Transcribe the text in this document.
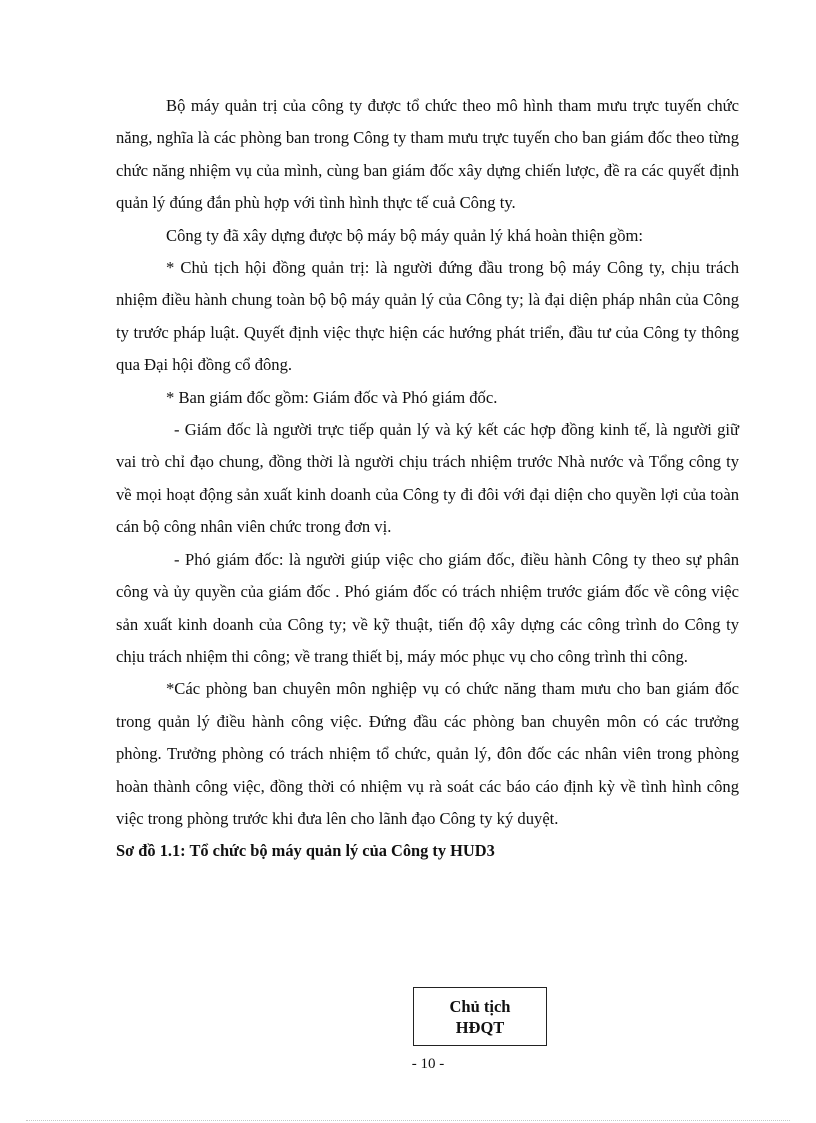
Bộ máy quản trị của công ty được tổ chức theo mô hình tham mưu trực tuyến chức năng, nghĩa là các phòng ban trong Công ty tham mưu trực tuyến cho ban giám đốc theo từng chức năng nhiệm vụ của mình, cùng ban giám đốc xây dựng chiến lược, đề ra các quyết định quản lý đúng đắn phù hợp với tình hình thực tế cuả Công ty.

Công ty đã xây dựng được bộ máy bộ máy quản lý khá hoàn thiện gồm:

* Chủ tịch hội đồng quản trị: là người đứng đầu trong bộ máy Công ty, chịu trách nhiệm điều hành chung toàn bộ bộ máy quản lý của Công ty; là đại diện pháp nhân của Công ty trước pháp luật. Quyết định việc thực hiện các hướng phát triển, đầu tư của Công ty thông qua Đại hội đồng cổ đông.

* Ban giám đốc gồm: Giám đốc và Phó giám đốc.

- Giám đốc là người trực tiếp quản lý và ký kết các hợp đồng kinh tế, là người giữ vai trò chỉ đạo chung, đồng thời là người chịu trách nhiệm trước Nhà nước và Tổng công ty về mọi hoạt động sản xuất kinh doanh của Công ty đi đôi với đại diện cho quyền lợi của toàn cán bộ công nhân viên chức trong đơn vị.

- Phó giám đốc: là người giúp việc cho giám đốc, điều hành Công ty theo sự phân công và ủy quyền của giám đốc . Phó giám đốc có trách nhiệm trước giám đốc về công việc sản xuất kinh doanh của Công ty; về kỹ thuật, tiến độ xây dựng các công trình do Công ty chịu trách nhiệm thi công; về trang thiết bị, máy móc phục vụ cho công trình thi công.

*Các phòng ban chuyên môn nghiệp vụ có chức năng tham mưu cho ban giám đốc trong quản lý điều hành công việc. Đứng đầu các phòng ban chuyên môn có các trưởng phòng. Trưởng phòng có trách nhiệm tổ chức, quản lý, đôn đốc các nhân viên trong phòng hoàn thành công việc, đồng thời có nhiệm vụ rà soát các báo cáo định kỳ về tình hình công việc trong phòng trước khi đưa lên cho lãnh đạo Công ty ký duyệt.

Sơ đồ 1.1: Tổ chức bộ máy quản lý của Công ty HUD3

Chủ tịch
HĐQT
- 10 -
